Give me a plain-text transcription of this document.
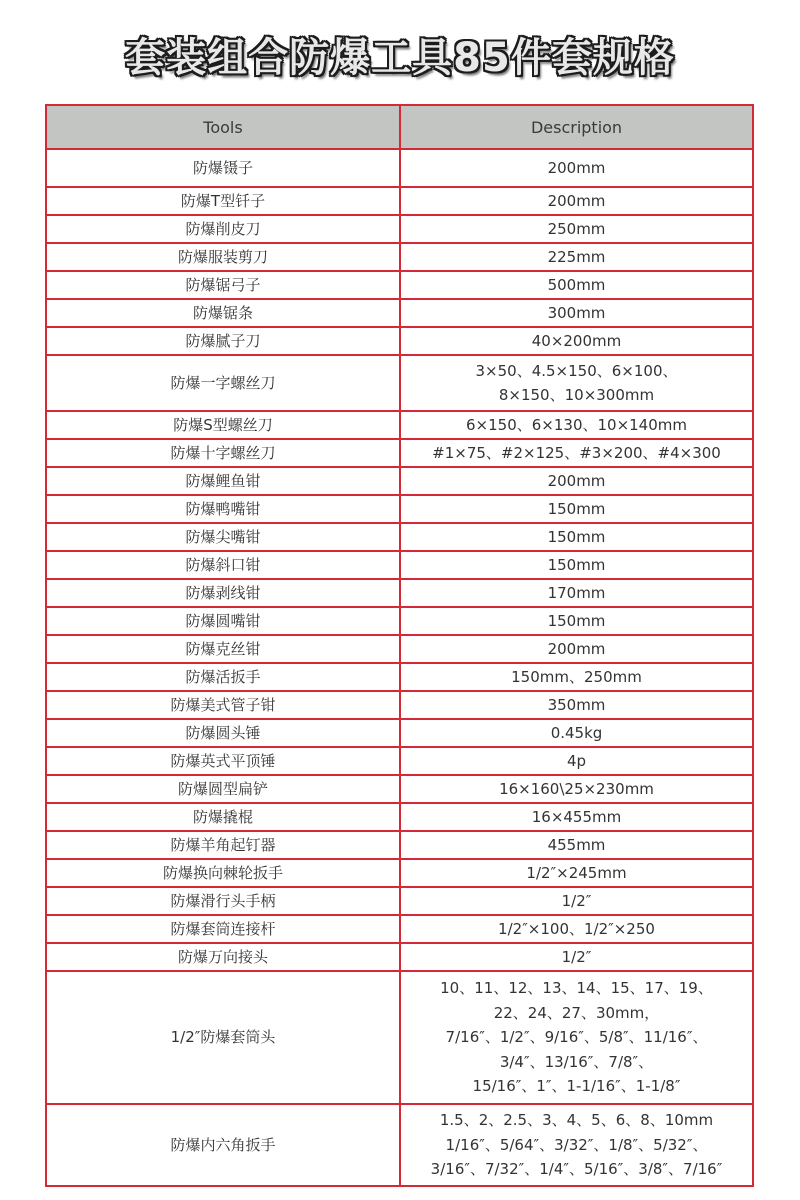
套装组合防爆工具85件套规格
Tools	Description
防爆镊子	200mm

防爆T型钎子	200mm

防爆削皮刀	250mm

防爆服装剪刀	225mm

防爆锯弓子	500mm

防爆锯条	300mm

防爆腻子刀	40×200mm

防爆一字螺丝刀	3×50、4.5×150、6×100、
8×150、10×300mm

防爆S型螺丝刀	6×150、6×130、10×140mm

防爆十字螺丝刀	#1×75、#2×125、#3×200、#4×300

防爆鲤鱼钳	200mm

防爆鸭嘴钳	150mm

防爆尖嘴钳	150mm

防爆斜口钳	150mm

防爆剥线钳	170mm

防爆圆嘴钳	150mm

防爆克丝钳	200mm

防爆活扳手	150mm、250mm

防爆美式管子钳	350mm

防爆圆头锤	0.45kg

防爆英式平顶锤	4p

防爆圆型扁铲	16×160\25×230mm

防爆撬棍	16×455mm

防爆羊角起钉器	455mm

防爆换向棘轮扳手	1/2″×245mm

防爆滑行头手柄	1/2″

防爆套筒连接杆	1/2″×100、1/2″×250

防爆万向接头	1/2″

1/2″防爆套筒头	10、11、12、13、14、15、17、19、
22、24、27、30mm，
7/16″、1/2″、9/16″、5/8″、11/16″、
3/4″、13/16″、7/8″、
15/16″、1″、1-1/16″、1-1/8″

防爆内六角扳手	1.5、2、2.5、3、4、5、6、8、10mm
1/16″、5/64″、3/32″、1/8″、5/32″、
3/16″、7/32″、1/4″、5/16″、3/8″、7/16″
